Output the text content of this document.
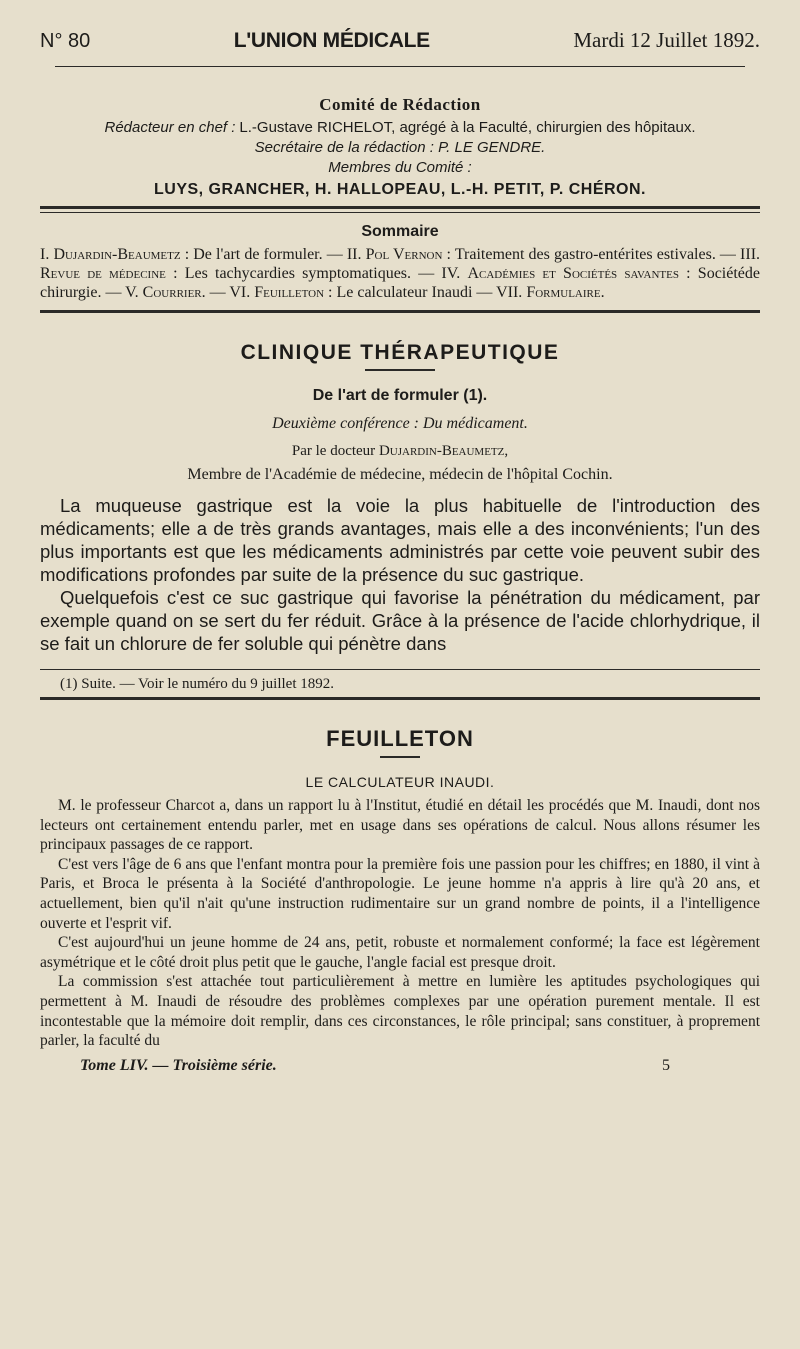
N° 80	L'UNION MÉDICALE	Mardi 12 Juillet 1892.
Comité de Rédaction
Rédacteur en chef : L.-Gustave RICHELOT, agrégé à la Faculté, chirurgien des hôpitaux.
Secrétaire de la rédaction : P. LE GENDRE.
Membres du Comité :
LUYS, GRANCHER, H. HALLOPEAU, L.-H. PETIT, P. CHÉRON.
Sommaire
I. Dujardin-Beaumetz : De l'art de formuler. — II. Pol Vernon : Traitement des gastro-entérites estivales. — III. Revue de médecine : Les tachycardies symptomatiques. — IV. Académies et Sociétés savantes : Sociétéde chirurgie. — V. Courrier. — VI. Feuilleton : Le calculateur Inaudi — VII. Formulaire.
CLINIQUE THÉRAPEUTIQUE
De l'art de formuler (1).
Deuxième conférence : Du médicament.
Par le docteur Dujardin-Beaumetz,
Membre de l'Académie de médecine, médecin de l'hôpital Cochin.

La muqueuse gastrique est la voie la plus habituelle de l'introduction des médicaments; elle a de très grands avantages, mais elle a des inconvénients; l'un des plus importants est que les médicaments administrés par cette voie peuvent subir des modifications profondes par suite de la présence du suc gastrique.

Quelquefois c'est ce suc gastrique qui favorise la pénétration du médicament, par exemple quand on se sert du fer réduit. Grâce à la présence de l'acide chlorhydrique, il se fait un chlorure de fer soluble qui pénètre dans

(1) Suite. — Voir le numéro du 9 juillet 1892.
FEUILLETON
LE CALCULATEUR INAUDI.

M. le professeur Charcot a, dans un rapport lu à l'Institut, étudié en détail les procédés que M. Inaudi, dont nos lecteurs ont certainement entendu parler, met en usage dans ses opérations de calcul. Nous allons résumer les principaux passages de ce rapport.

C'est vers l'âge de 6 ans que l'enfant montra pour la première fois une passion pour les chiffres; en 1880, il vint à Paris, et Broca le présenta à la Société d'anthropologie. Le jeune homme n'a appris à lire qu'à 20 ans, et actuellement, bien qu'il n'ait qu'une instruction rudimentaire sur un grand nombre de points, il a l'intelligence ouverte et l'esprit vif.

C'est aujourd'hui un jeune homme de 24 ans, petit, robuste et normalement conformé; la face est légèrement asymétrique et le côté droit plus petit que le gauche, l'angle facial est presque droit.

La commission s'est attachée tout particulièrement à mettre en lumière les aptitudes psychologiques qui permettent à M. Inaudi de résoudre des problèmes complexes par une opération purement mentale. Il est incontestable que la mémoire doit remplir, dans ces circonstances, le rôle principal; sans constituer, à proprement parler, la faculté du

Tome LIV. — Troisième série.	5
